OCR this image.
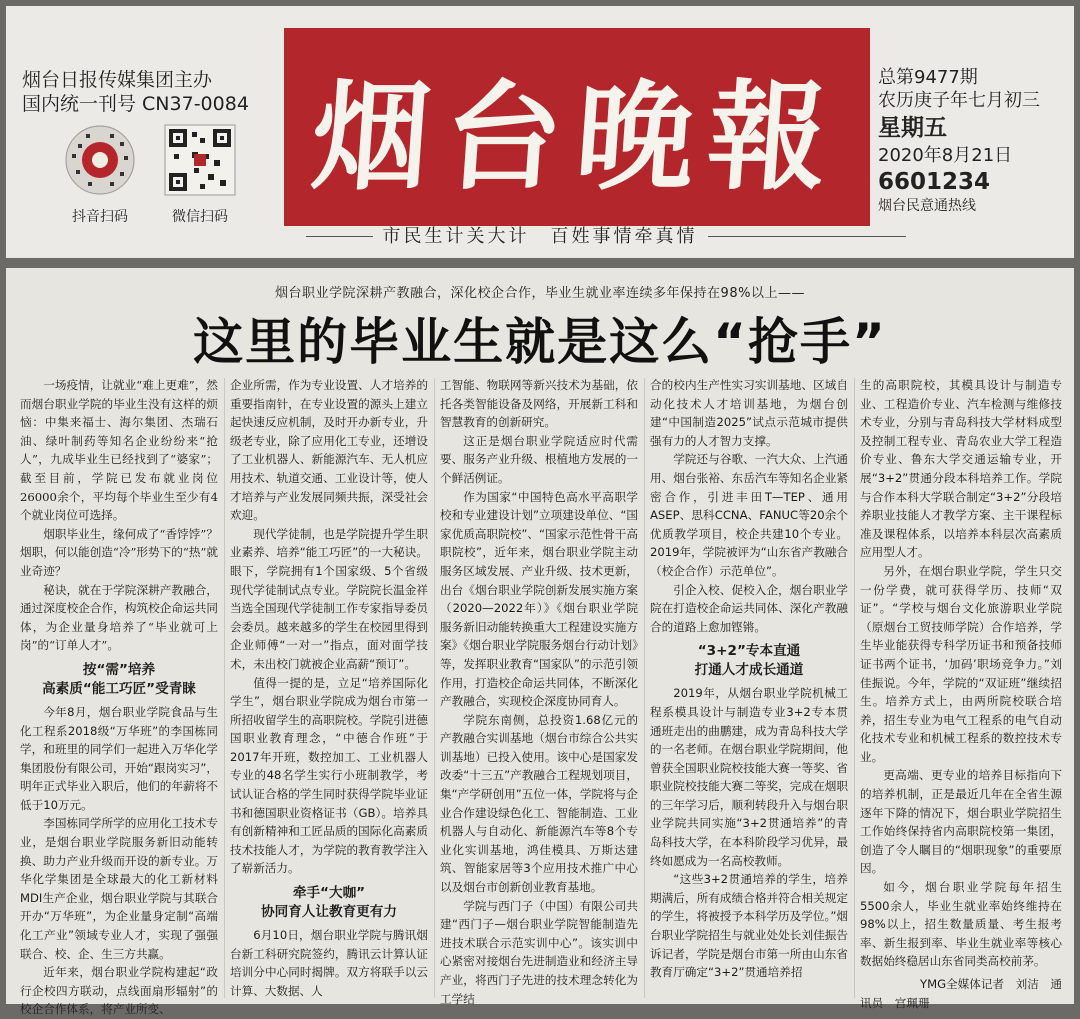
烟台日报传媒集团主办
国内统一刊号 CN37-0084
抖音扫码	微信扫码
烟台晚報 总第9477期
农历庚子年七月初三
星期五
2020年8月21日
6601234
烟台民意通热线
市民生计关大计　百姓事情牵真情
烟台职业学院深耕产教融合，深化校企合作，毕业生就业率连续多年保持在98%以上——
这里的毕业生就是这么“抢手”

一场疫情，让就业“难上更难”，然而烟台职业学院的毕业生没有这样的烦恼：中集来福士、海尔集团、杰瑞石油、绿叶制药等知名企业纷纷来“抢人”，九成毕业生已经找到了“婆家”；截至目前，学院已发布就业岗位26000余个，平均每个毕业生至少有4个就业岗位可选择。

烟职毕业生，缘何成了“香饽饽”？烟职，何以能创造“冷”形势下的“热”就业奇迹？

秘诀，就在于学院深耕产教融合，通过深度校企合作，构筑校企命运共同体，为企业量身培养了“毕业就可上岗”的“订单人才”。

按“需”培养
高素质“能工巧匠”受青睐

今年8月，烟台职业学院食品与生化工程系2018级“万华班”的李国栋同学，和班里的同学们一起进入万华化学集团股份有限公司，开始“跟岗实习”，明年正式毕业入职后，他们的年薪将不低于10万元。

李国栋同学所学的应用化工技术专业，是烟台职业学院服务新旧动能转换、助力产业升级而开设的新专业。万华化学集团是全球最大的化工新材料MDI生产企业，烟台职业学院与其联合开办“万华班”，为企业量身定制“高端化工产业”领域专业人才，实现了强强联合、校、企、生三方共赢。

近年来，烟台职业学院构建起“政行企校四方联动，点线面扇形辐射”的校企合作体系，将产业所变、

企业所需，作为专业设置、人才培养的重要指南针，在专业设置的源头上建立起快速反应机制，及时开办新专业，升级老专业，除了应用化工专业，还增设了工业机器人、新能源汽车、无人机应用技术、轨道交通、工业设计等，使人才培养与产业发展同频共振，深受社会欢迎。

现代学徒制，也是学院提升学生职业素养、培养“能工巧匠”的一大秘诀。眼下，学院拥有1个国家级、5个省级现代学徒制试点专业。学院院长温金祥当选全国现代学徒制工作专家指导委员会委员。越来越多的学生在校园里得到企业师傅“一对一”指点，面对面学技术，未出校门就被企业高薪“预订”。

值得一提的是，立足“培养国际化学生”，烟台职业学院成为烟台市第一所招收留学生的高职院校。学院引进德国职业教育理念，“中德合作班”于2017年开班，数控加工、工业机器人专业的48名学生实行小班制教学，考试认证合格的学生同时获得学院毕业证书和德国职业资格证书（GB）。培养具有创新精神和工匠品质的国际化高素质技术技能人才，为学院的教育教学注入了崭新活力。

牵手“大咖”
协同育人让教育更有力

6月10日，烟台职业学院与腾讯烟台新工科研究院签约，腾讯云计算认证培训分中心同时揭牌。双方将联手以云计算、大数据、人

工智能、物联网等新兴技术为基础，依托各类智能设备及网络，开展新工科和智慧教育的创新研究。

这正是烟台职业学院适应时代需要、服务产业升级、根植地方发展的一个鲜活例证。

作为国家“中国特色高水平高职学校和专业建设计划”立项建设单位、“国家优质高职院校”、“国家示范性骨干高职院校”，近年来，烟台职业学院主动服务区域发展、产业升级、技术更新，出台《烟台职业学院创新发展实施方案（2020—2022年）》《烟台职业学院服务新旧动能转换重大工程建设实施方案》《烟台职业学院服务烟台行动计划》等，发挥职业教育“国家队”的示范引领作用，打造校企命运共同体，不断深化产教融合，实现校企深度协同育人。

学院东南侧，总投资1.68亿元的产教融合实训基地（烟台市综合公共实训基地）已投入使用。该中心是国家发改委“十三五”产教融合工程规划项目，集“产学研创用”五位一体，学院将与企业合作建设绿色化工、智能制造、工业机器人与自动化、新能源汽车等8个专业化实训基地，鸿佳模具、万斯达建筑、智能家居等3个应用技术推广中心以及烟台市创新创业教育基地。

学院与西门子（中国）有限公司共建“西门子—烟台职业学院智能制造先进技术联合示范实训中心”。该实训中心紧密对接烟台先进制造业和经济主导产业，将西门子先进的技术理念转化为工学结

合的校内生产性实习实训基地、区域自动化技术人才培训基地，为烟台创建“中国制造2025”试点示范城市提供强有力的人才智力支撑。

学院还与谷歌、一汽大众、上汽通用、烟台张裕、东岳汽车等知名企业紧密合作，引进丰田T—TEP、通用ASEP、思科CCNA、FANUC等20余个优质教学项目，校企共建10个专业。2019年，学院被评为“山东省产教融合（校企合作）示范单位”。

引企入校、促校入企，烟台职业学院在打造校企命运共同体、深化产教融合的道路上愈加铿锵。

“3+2”专本直通
打通人才成长通道

2019年，从烟台职业学院机械工程系模具设计与制造专业3+2专本贯通班走出的曲鹏建，成为青岛科技大学的一名老师。在烟台职业学院期间，他曾获全国职业院校技能大赛一等奖、省职业院校技能大赛二等奖，完成在烟职的三年学习后，顺利转段升入与烟台职业学院共同实施“3+2贯通培养”的青岛科技大学，在本科阶段学习优异，最终如愿成为一名高校教师。

“这些3+2贯通培养的学生，培养期满后，所有成绩合格并符合相关规定的学生，将被授予本科学历及学位。”烟台职业学院招生与就业处处长刘佳振告诉记者，学院是烟台市第一所由山东省教育厅确定“3+2”贯通培养招

生的高职院校，其模具设计与制造专业、工程造价专业、汽车检测与维修技术专业，分别与青岛科技大学材料成型及控制工程专业、青岛农业大学工程造价专业、鲁东大学交通运输专业，开展“3+2”贯通分段本科培养工作。学院与合作本科大学联合制定“3+2”分段培养职业技能人才教学方案、主干课程标准及课程体系，以培养本科层次高素质应用型人才。

另外，在烟台职业学院，学生只交一份学费，就可获得学历、技师“双证”。“学校与烟台文化旅游职业学院（原烟台工贸技师学院）合作培养，学生毕业能获得专科学历证书和预备技师证书两个证书，‘加码’职场竞争力。”刘佳振说。今年，学院的“双证班”继续招生。培养方式上，由两所院校联合培养，招生专业为电气工程系的电气自动化技术专业和机械工程系的数控技术专业。

更高端、更专业的培养目标指向下的培养机制，正是最近几年在全省生源逐年下降的情况下，烟台职业学院招生工作始终保持省内高职院校第一集团，创造了令人瞩目的“烟职现象”的重要原因。

如今，烟台职业学院每年招生5500余人，毕业生就业率始终维持在98%以上，招生数量质量、考生报考率、新生报到率、毕业生就业率等核心数据始终稳居山东省同类高校前茅。

YMG全媒体记者　刘洁　通
讯员　宫珮珊
